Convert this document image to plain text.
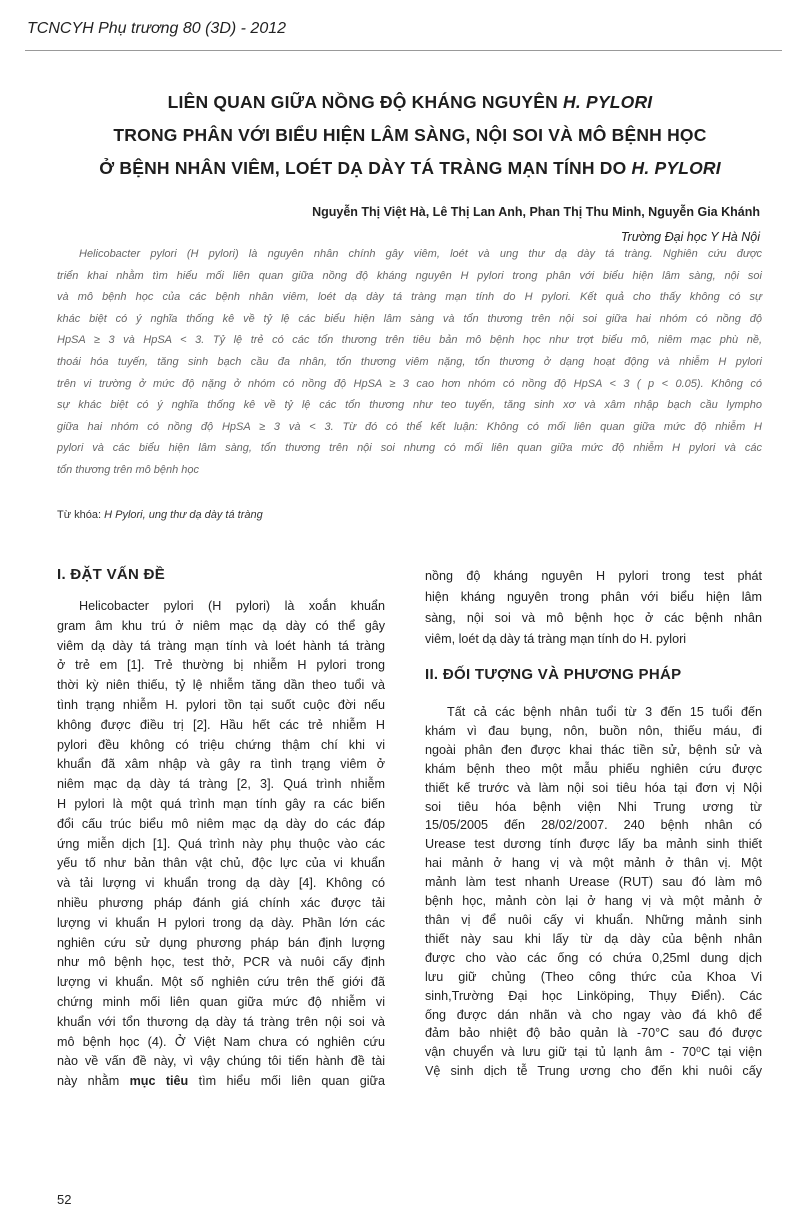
TCNCYH Phụ trương 80 (3D) - 2012
LIÊN QUAN GIỮA NỒNG ĐỘ KHÁNG NGUYÊN H. PYLORI
TRONG PHÂN VỚI BIỂU HIỆN LÂM SÀNG, NỘI SOI VÀ MÔ BỆNH HỌC
Ở BỆNH NHÂN VIÊM, LOÉT DẠ DÀY TÁ TRÀNG MẠN TÍNH DO H. PYLORI
Nguyễn Thị Việt Hà, Lê Thị Lan Anh, Phan Thị Thu Minh, Nguyễn Gia Khánh
Trường Đại học Y Hà Nội
Helicobacter pylori (H pylori) là nguyên nhân chính gây viêm, loét và ung thư dạ dày tá tràng. Nghiên cứu được
triển khai nhằm tìm hiểu mối liên quan giữa nồng độ kháng nguyên H pylori trong phân với biểu hiện lâm sàng, nội soi
và mô bệnh học của các bệnh nhân viêm, loét dạ dày tá tràng mạn tính do H pylori. Kết quả cho thấy không có sự
khác biệt có ý nghĩa thống kê về tỷ lệ các biểu hiện lâm sàng và tổn thương trên nội soi giữa hai nhóm có nồng độ
HpSA ≥ 3 và HpSA < 3. Tỷ lệ trẻ có các tổn thương trên tiêu bản mô bệnh học như trợt biểu mô, niêm mạc phù nề,
thoái hóa tuyến, tăng sinh bạch cầu đa nhân, tổn thương viêm nặng, tổn thương ở dạng hoạt động và nhiễm H pylori
trên vi trường ở mức độ nặng ở nhóm có nồng độ HpSA ≥ 3 cao hơn nhóm có nồng độ HpSA < 3 ( p < 0.05). Không có
sự khác biệt có ý nghĩa thống kê về tỷ lệ các tổn thương như teo tuyến, tăng sinh xơ và xâm nhập bạch cầu lympho
giữa hai nhóm có nồng độ HpSA ≥ 3 và < 3. Từ đó có thể kết luận: Không có mối liên quan giữa mức độ nhiễm H
pylori và các biểu hiện lâm sàng, tổn thương trên nội soi nhưng có mối liên quan giữa mức độ nhiễm H pylori và các
tổn thương trên mô bệnh học
Từ khóa: H Pylori, ung thư dạ dày tá tràng
I. ĐẶT VẤN ĐỀ
Helicobacter pylori (H pylori) là xoắn khuẩn
gram âm khu trú ở niêm mạc dạ dày có thể gây
viêm dạ dày tá tràng mạn tính và loét hành tá tràng
ở trẻ em [1]. Trẻ thường bị nhiễm H pylori trong
thời kỳ niên thiếu, tỷ lệ nhiễm tăng dần theo tuổi và
tình trạng nhiễm H. pylori tồn tại suốt cuộc đời nếu
không được điều trị [2]. Hầu hết các trẻ nhiễm H
pylori đều không có triệu chứng thậm chí khi vi
khuẩn đã xâm nhập và gây ra tình trạng viêm ở
niêm mạc dạ dày tá tràng [2, 3]. Quá trình nhiễm
H pylori là một quá trình mạn tính gây ra các biến
đổi cấu trúc biểu mô niêm mạc dạ dày do các đáp
ứng miễn dịch [1]. Quá trình này phụ thuộc vào các
yếu tố như bản thân vật chủ, độc lực của vi khuẩn
và tải lượng vi khuẩn trong dạ dày [4]. Không có
nhiều phương pháp đánh giá chính xác được tải
lượng vi khuẩn H pylori trong dạ dày. Phần lớn các
nghiên cứu sử dụng phương pháp bán định lượng
như mô bệnh học, test thở, PCR và nuôi cấy định
lượng vi khuẩn. Một số nghiên cứu trên thế giới đã
chứng minh mối liên quan giữa mức độ nhiễm vi
khuẩn với tổn thương dạ dày tá tràng trên nội soi và
mô bệnh học (4). Ở Việt Nam chưa có nghiên cứu
nào về vấn đề này, vì vậy chúng tôi tiến hành đề tài
này nhằm mục tiêu tìm hiểu mối liên quan giữa
nồng độ kháng nguyên H pylori trong test phát
hiện kháng nguyên trong phân với biểu hiện lâm
sàng, nội soi và mô bệnh học ở các bệnh nhân
viêm, loét dạ dày tá tràng mạn tính do H. pylori
II. ĐỐI TƯỢNG VÀ PHƯƠNG PHÁP
Tất cả các bệnh nhân tuổi từ 3 đến 15 tuổi đến
khám vì đau bụng, nôn, buồn nôn, thiếu máu, đi
ngoài phân đen được khai thác tiền sử, bệnh sử và
khám bệnh theo một mẫu phiếu nghiên cứu được
thiết kế trước và làm nội soi tiêu hóa tại đơn vị Nội
soi tiêu hóa bệnh viện Nhi Trung ương từ
15/05/2005 đến 28/02/2007. 240 bệnh nhân có
Urease test dương tính được lấy ba mảnh sinh thiết
hai mảnh ở hang vị và một mảnh ở thân vị. Một
mảnh làm test nhanh Urease (RUT) sau đó làm mô
bệnh học, mảnh còn lại ở hang vị và một mảnh ở
thân vị để nuôi cấy vi khuẩn. Những mảnh sinh
thiết này sau khi lấy từ dạ dày của bệnh nhân
được cho vào các ống có chứa 0,25ml dung dịch
lưu giữ chủng (Theo công thức của Khoa Vi
sinh,Trường Đại học Linköping, Thụy Điển). Các
ống được dán nhãn và cho ngay vào đá khô để
đảm bảo nhiệt độ bảo quản là -70°C sau đó được
vận chuyển và lưu giữ tại tủ lạnh âm - 70⁰C tại viện
Vệ sinh dịch tễ Trung ương cho đến khi nuôi cấy
52
